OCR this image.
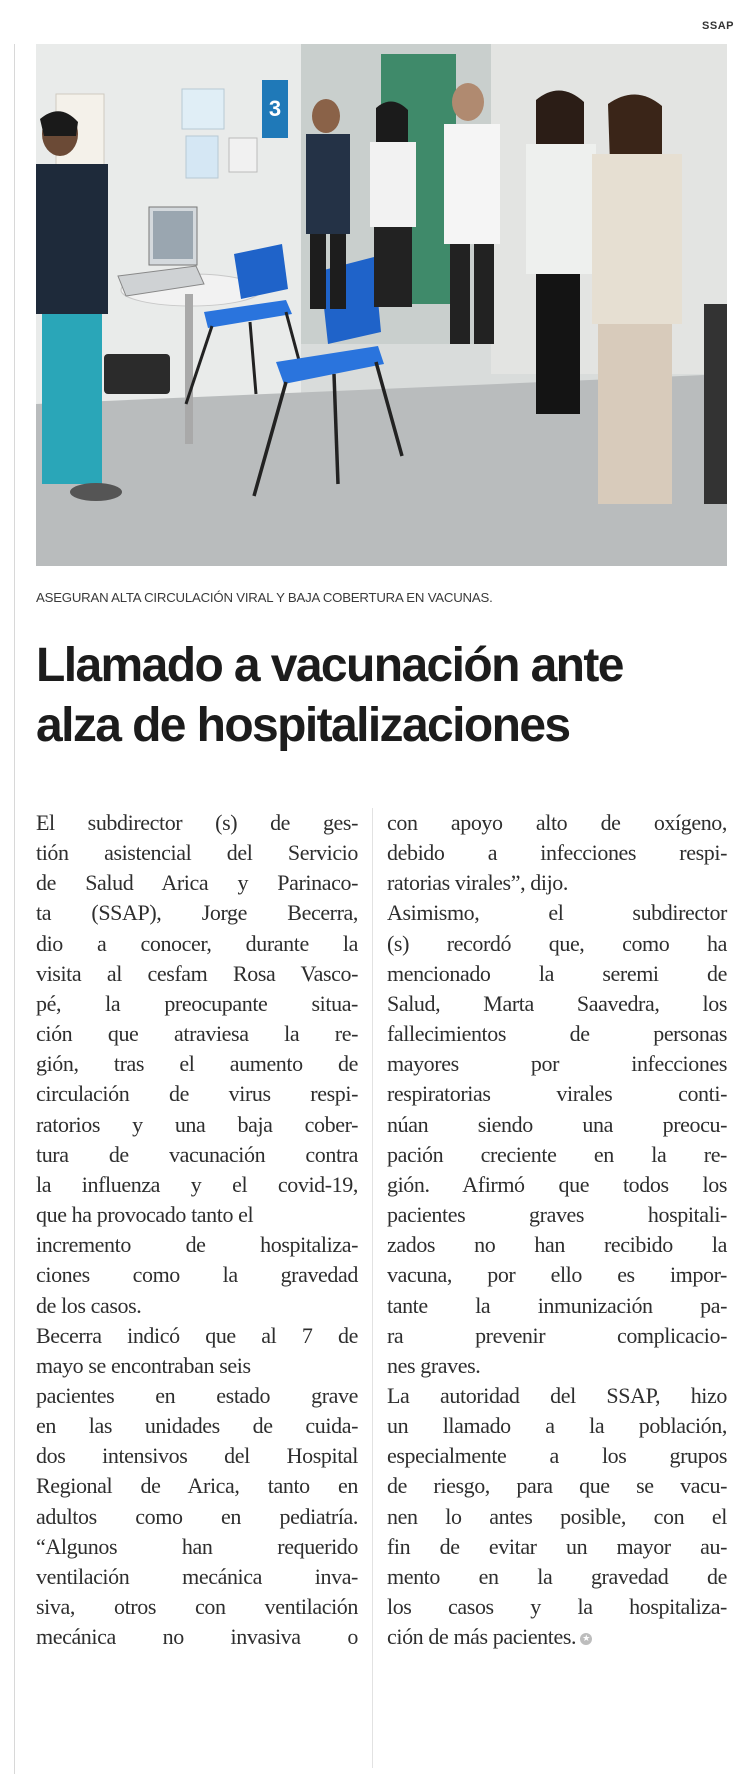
SSAP
3
ASEGURAN ALTA CIRCULACIÓN VIRAL Y BAJA COBERTURA EN VACUNAS.
Llamado a vacunación ante
alza de hospitalizaciones
El subdirector (s) de ges-
tión asistencial del Servicio
de Salud Arica y Parinaco-
ta (SSAP), Jorge Becerra,
dio a conocer, durante la
visita al cesfam Rosa Vasco-
pé, la preocupante situa-
ción que atraviesa la re-
gión, tras el aumento de
circulación de virus respi-
ratorios y una baja cober-
tura de vacunación contra
la influenza y el covid-19,
que ha provocado tanto el
incremento de hospitaliza-
ciones como la gravedad
de los casos.
Becerra indicó que al 7 de
mayo se encontraban seis
pacientes en estado grave
en las unidades de cuida-
dos intensivos del Hospital
Regional de Arica, tanto en
adultos como en pediatría.
“Algunos han requerido
ventilación mecánica inva-
siva, otros con ventilación
mecánica no invasiva o
con apoyo alto de oxígeno,
debido a infecciones respi-
ratorias virales”, dijo.
Asimismo, el subdirector
(s) recordó que, como ha
mencionado la seremi de
Salud, Marta Saavedra, los
fallecimientos de personas
mayores por infecciones
respiratorias virales conti-
núan siendo una preocu-
pación creciente en la re-
gión. Afirmó que todos los
pacientes graves hospitali-
zados no han recibido la
vacuna, por ello es impor-
tante la inmunización pa-
ra prevenir complicacio-
nes graves.
La autoridad del SSAP, hizo
un llamado a la población,
especialmente a los grupos
de riesgo, para que se vacu-
nen lo antes posible, con el
fin de evitar un mayor au-
mento en la gravedad de
los casos y la hospitaliza-
ción de más pacientes. ★
